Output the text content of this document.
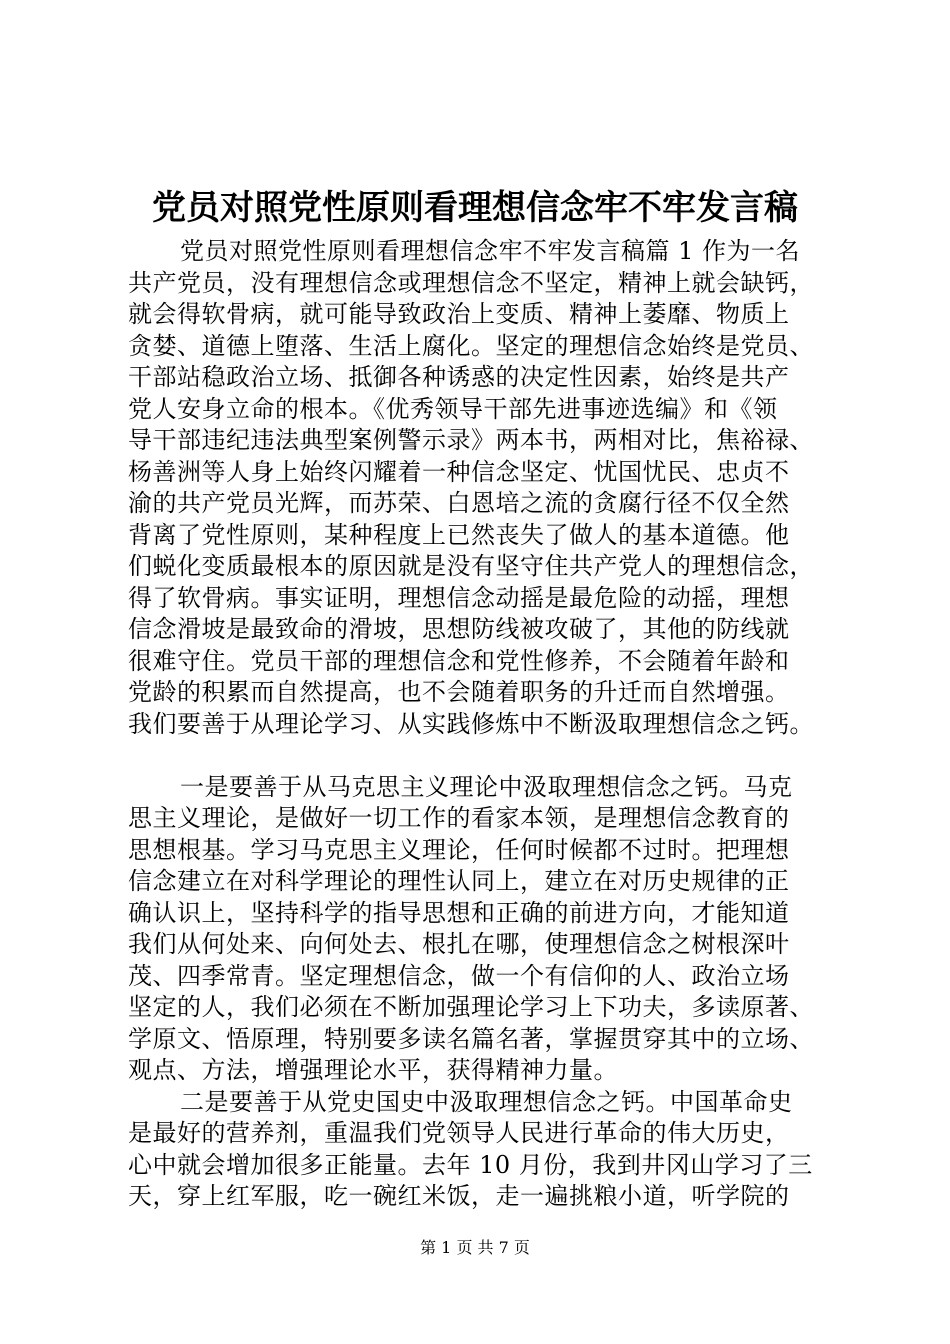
党员对照党性原则看理想信念牢不牢发言稿
党员对照党性原则看理想信念牢不牢发言稿篇 1 作为一名
共产党员，没有理想信念或理想信念不坚定，精神上就会缺钙，
就会得软骨病，就可能导致政治上变质、精神上萎靡、物质上
贪婪、道德上堕落、生活上腐化。坚定的理想信念始终是党员、
干部站稳政治立场、抵御各种诱惑的决定性因素，始终是共产
党人安身立命的根本。《优秀领导干部先进事迹选编》和《领
导干部违纪违法典型案例警示录》两本书，两相对比，焦裕禄、
杨善洲等人身上始终闪耀着一种信念坚定、忧国忧民、忠贞不
渝的共产党员光辉，而苏荣、白恩培之流的贪腐行径不仅全然
背离了党性原则，某种程度上已然丧失了做人的基本道德。他
们蜕化变质最根本的原因就是没有坚守住共产党人的理想信念，
得了软骨病。事实证明，理想信念动摇是最危险的动摇，理想
信念滑坡是最致命的滑坡，思想防线被攻破了，其他的防线就
很难守住。党员干部的理想信念和党性修养，不会随着年龄和
党龄的积累而自然提高，也不会随着职务的升迁而自然增强。
我们要善于从理论学习、从实践修炼中不断汲取理想信念之钙。
一是要善于从马克思主义理论中汲取理想信念之钙。马克
思主义理论，是做好一切工作的看家本领，是理想信念教育的
思想根基。学习马克思主义理论，任何时候都不过时。把理想
信念建立在对科学理论的理性认同上，建立在对历史规律的正
确认识上，坚持科学的指导思想和正确的前进方向，才能知道
我们从何处来、向何处去、根扎在哪，使理想信念之树根深叶
茂、四季常青。坚定理想信念，做一个有信仰的人、政治立场
坚定的人，我们必须在不断加强理论学习上下功夫，多读原著、
学原文、悟原理，特别要多读名篇名著，掌握贯穿其中的立场、
观点、方法，增强理论水平，获得精神力量。
二是要善于从党史国史中汲取理想信念之钙。中国革命史
是最好的营养剂，重温我们党领导人民进行革命的伟大历史，
心中就会增加很多正能量。去年 10 月份，我到井冈山学习了三
天，穿上红军服，吃一碗红米饭，走一遍挑粮小道，听学院的
第 1 页 共 7 页
